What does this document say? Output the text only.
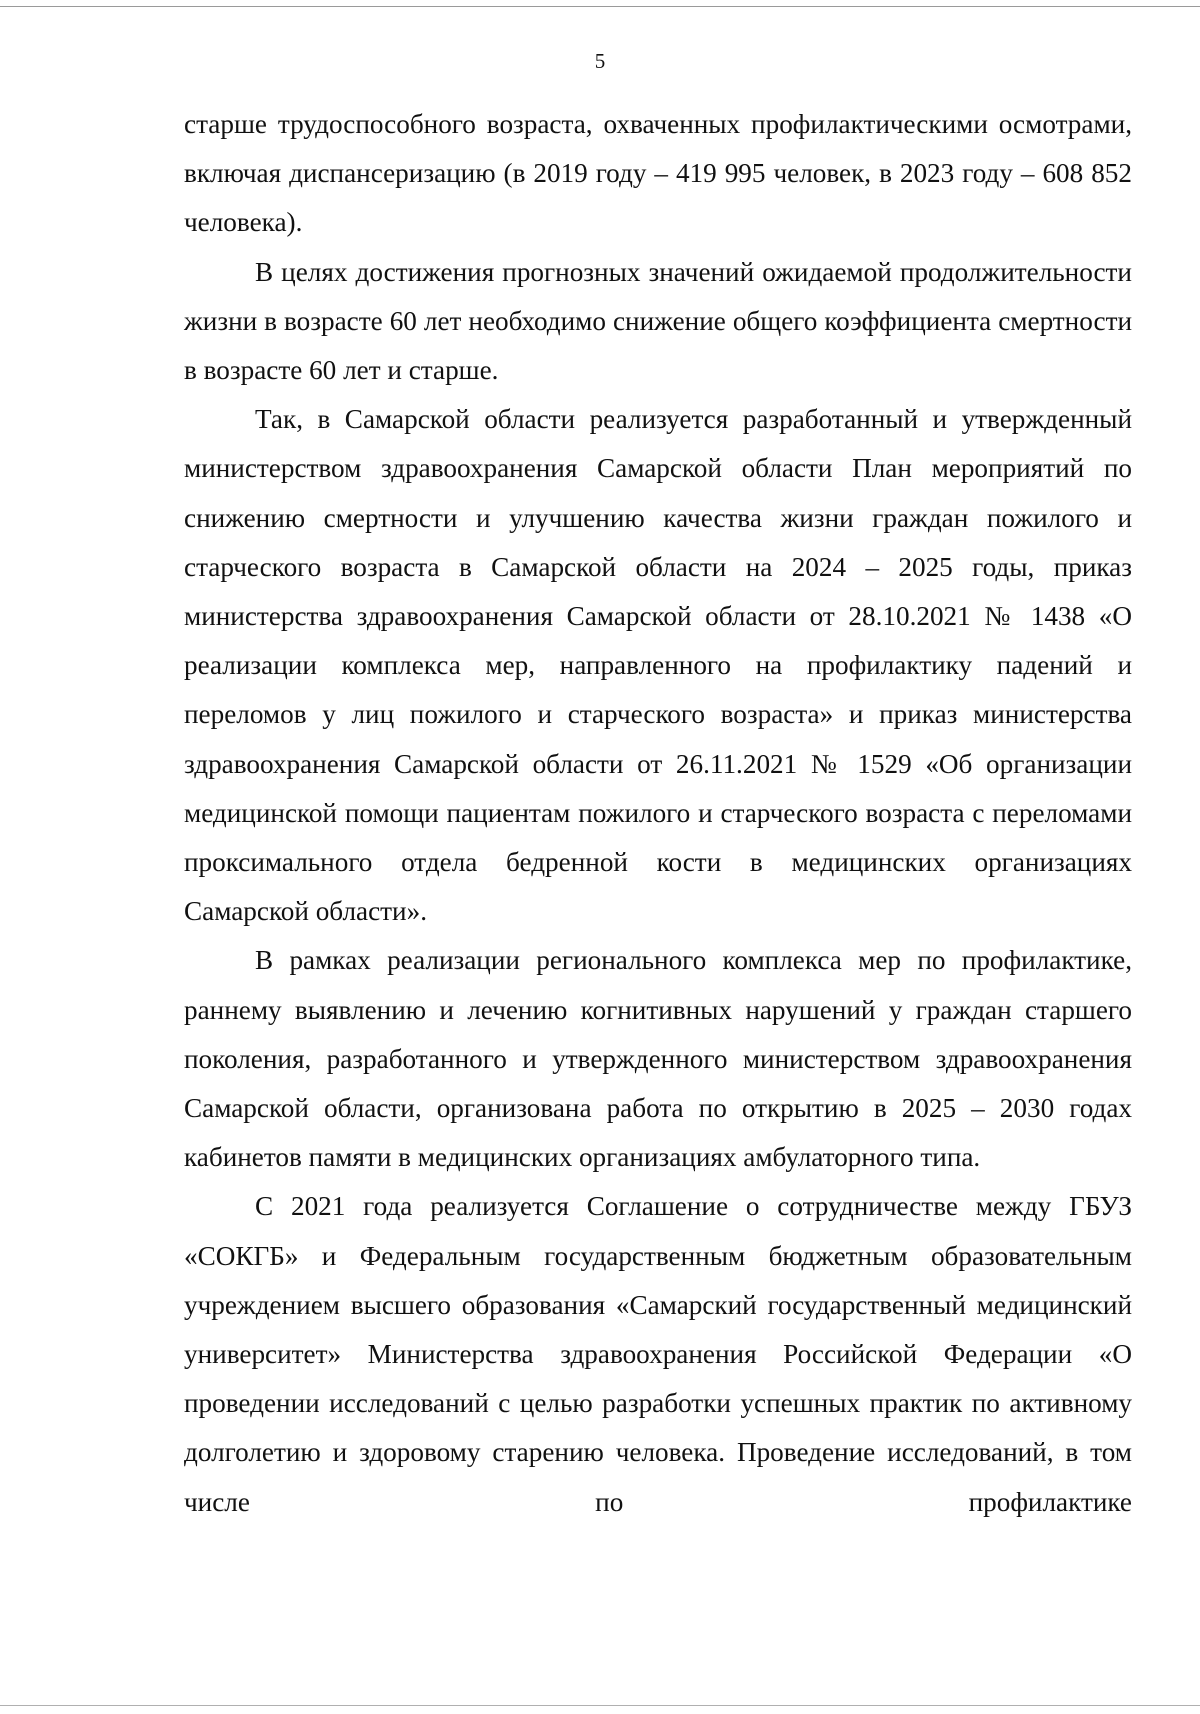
5

старше трудоспособного возраста, охваченных профилактическими осмотрами, включая диспансеризацию (в 2019 году – 419 995 человек, в 2023 году – 608 852 человека).

В целях достижения прогнозных значений ожидаемой продолжительности жизни в возрасте 60 лет необходимо снижение общего коэффициента смертности в возрасте 60 лет и старше.

Так, в Самарской области реализуется разработанный и утвержденный министерством здравоохранения Самарской области План мероприятий по снижению смертности и улучшению качества жизни граждан пожилого и старческого возраста в Самарской области на 2024 – 2025 годы, приказ министерства здравоохранения Самарской области от 28.10.2021 № 1438 «О реализации комплекса мер, направленного на профилактику падений и переломов у лиц пожилого и старческого возраста» и приказ министерства здравоохранения Самарской области от 26.11.2021 № 1529 «Об организации медицинской помощи пациентам пожилого и старческого возраста с переломами проксимального отдела бедренной кости в медицинских организациях Самарской области».

В рамках реализации регионального комплекса мер по профилактике, раннему выявлению и лечению когнитивных нарушений у граждан старшего поколения, разработанного и утвержденного министерством здравоохранения Самарской области, организована работа по открытию в 2025 – 2030 годах кабинетов памяти в медицинских организациях амбулаторного типа.

С 2021 года реализуется Соглашение о сотрудничестве между ГБУЗ «СОКГБ» и Федеральным государственным бюджетным образовательным учреждением высшего образования «Самарский государственный медицинский университет» Министерства здравоохранения Российской Федерации «О проведении исследований с целью разработки успешных практик по активному долголетию и здоровому старению человека. Проведение исследований, в том числе по профилактике
